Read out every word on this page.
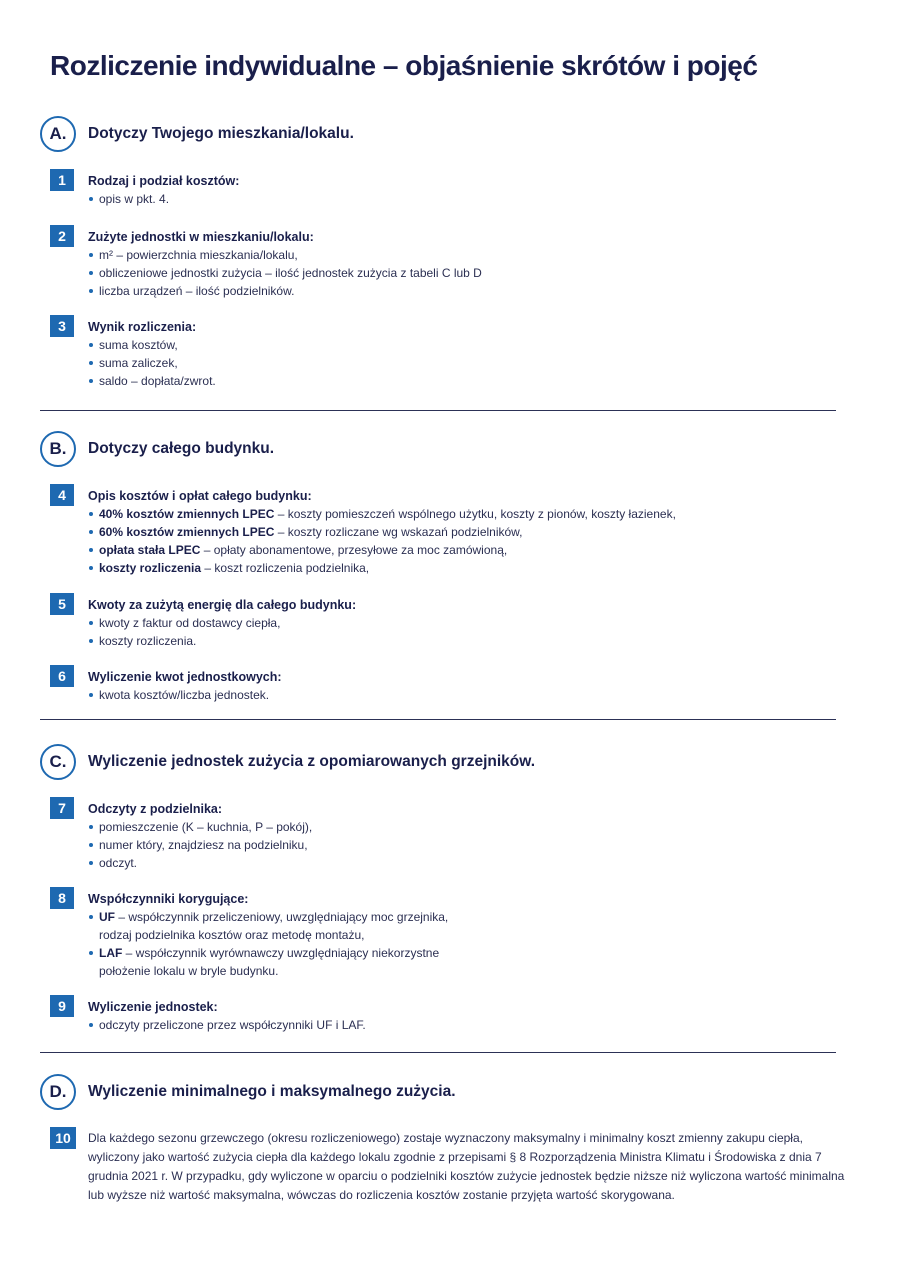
Rozliczenie indywidualne – objaśnienie skrótów i pojęć
A.	Dotyczy Twojego mieszkania/lokalu.
1	Rodzaj i podział kosztów:
opis w pkt. 4.
2	Zużyte jednostki w mieszkaniu/lokalu:
m² – powierzchnia mieszkania/lokalu,
obliczeniowe jednostki zużycia – ilość jednostek zużycia z tabeli C lub D
liczba urządzeń – ilość podzielników.
3	Wynik rozliczenia:
suma kosztów,
suma zaliczek,
saldo – dopłata/zwrot.
B.	Dotyczy całego budynku.
4	Opis kosztów i opłat całego budynku:
40% kosztów zmiennych LPEC – koszty pomieszczeń wspólnego użytku, koszty z pionów, koszty łazienek,
60% kosztów zmiennych LPEC – koszty rozliczane wg wskazań podzielników,
opłata stała LPEC – opłaty abonamentowe, przesyłowe za moc zamówioną,
koszty rozliczenia – koszt rozliczenia podzielnika,
5	Kwoty za zużytą energię dla całego budynku:
kwoty z faktur od dostawcy ciepła,
koszty rozliczenia.
6	Wyliczenie kwot jednostkowych:
kwota kosztów/liczba jednostek.
C.	Wyliczenie jednostek zużycia z opomiarowanych grzejników.
7	Odczyty z podzielnika:
pomieszczenie (K – kuchnia, P – pokój),
numer który, znajdziesz na podzielniku,
odczyt.
8	Współczynniki korygujące:
UF – współczynnik przeliczeniowy, uwzględniający moc grzejnika,
rodzaj podzielnika kosztów oraz metodę montażu,
LAF – współczynnik wyrównawczy uwzględniający niekorzystne
położenie lokalu w bryle budynku.
9	Wyliczenie jednostek:
odczyty przeliczone przez współczynniki UF i LAF.
D.	Wyliczenie minimalnego i maksymalnego zużycia.
10	Dla każdego sezonu grzewczego (okresu rozliczeniowego) zostaje wyznaczony maksymalny i minimalny koszt zmienny zakupu ciepła, wyliczony jako wartość zużycia ciepła dla każdego lokalu zgodnie z przepisami § 8 Rozporządzenia Ministra Klimatu i Środowiska z dnia 7 grudnia 2021 r. W przypadku, gdy wyliczone w oparciu o podzielniki kosztów zużycie jednostek będzie niższe niż wyliczona wartość minimalna lub wyższe niż wartość maksymalna, wówczas do rozliczenia kosztów zostanie przyjęta wartość skorygowana.
